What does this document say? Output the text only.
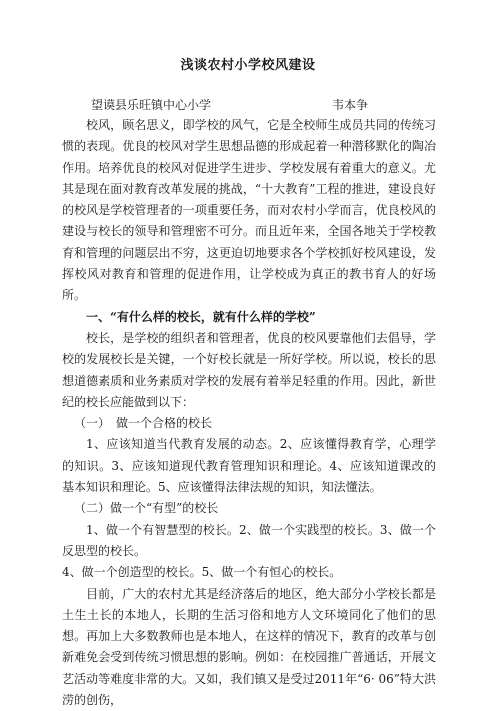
浅谈农村小学校风建设
望谟县乐旺镇中心小学	韦本争

校风，顾名思义，即学校的风气，它是全校师生成员共同的传统习惯的表现。优良的校风对学生思想品德的形成起着一种潜移默化的陶冶作用。培养优良的校风对促进学生进步、学校发展有着重大的意义。尤其是现在面对教育改革发展的挑战，“十大教育”工程的推进，建设良好的校风是学校管理者的一项重要任务，而对农村小学而言，优良校风的建设与校长的领导和管理密不可分。而且近年来，全国各地关于学校教育和管理的问题层出不穷，这更迫切地要求各个学校抓好校风建设，发挥校风对教育和管理的促进作用，让学校成为真正的教书育人的好场所。

一、“有什么样的校长，就有什么样的学校”

校长，是学校的组织者和管理者，优良的校风要靠他们去倡导，学校的发展校长是关键，一个好校长就是一所好学校。所以说，校长的思想道德素质和业务素质对学校的发展有着举足轻重的作用。因此，新世纪的校长应能做到以下：

（一）　做一个合格的校长

1、应该知道当代教育发展的动态。2、应该懂得教育学，心理学的知识。3、应该知道现代教育管理知识和理论。4、应该知道课改的基本知识和理论。5、应该懂得法律法规的知识，知法懂法。

（二）做一个“有型”的校长

1、做一个有智慧型的校长。2、做一个实践型的校长。3、做一个反思型的校长。

4、做一个创造型的校长。5、做一个有恒心的校长。

目前，广大的农村尤其是经济落后的地区，绝大部分小学校长都是土生土长的本地人，长期的生活习俗和地方人文环境同化了他们的思想。再加上大多数教师也是本地人，在这样的情况下，教育的改革与创新难免会受到传统习惯思想的影响。例如：在校园推广普通话，开展文艺活动等难度非常的大。又如，我们镇又是受过2011年“6· 06”特大洪涝的创伤，
